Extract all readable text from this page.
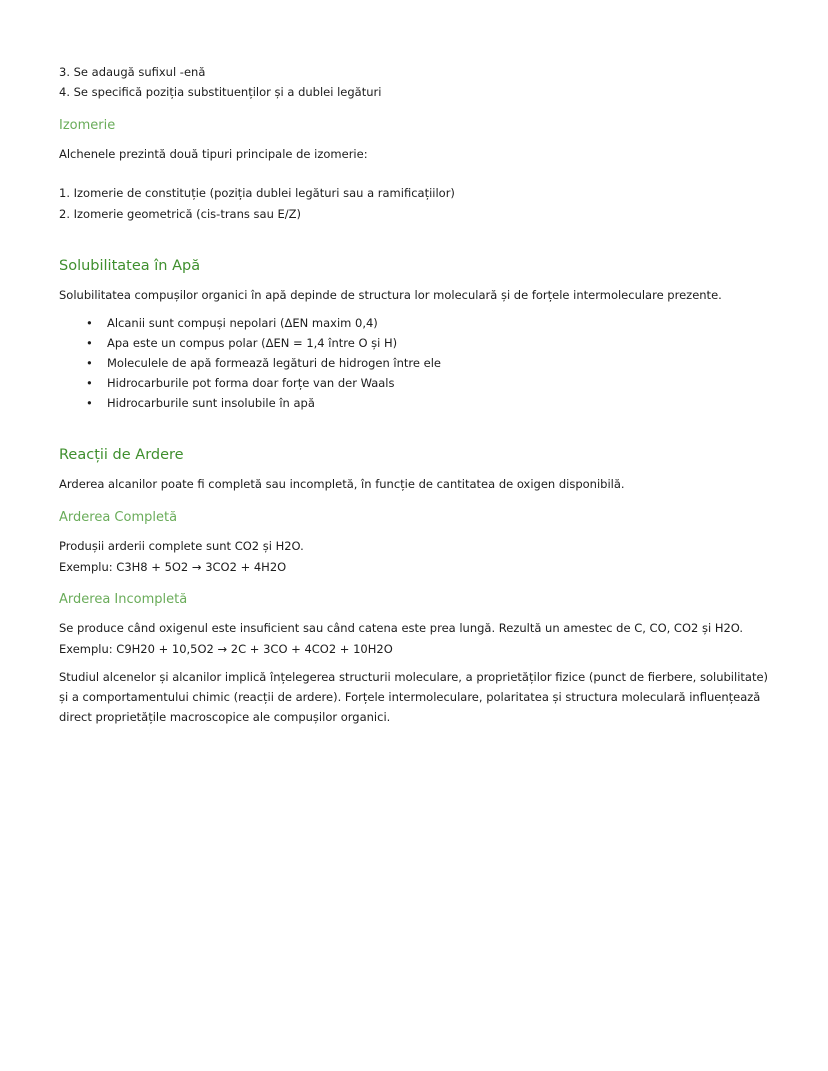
3. Se adaugă sufixul -enă
4. Se specifică poziția substituenților și a dublei legături
Izomerie
Alchenele prezintă două tipuri principale de izomerie:
1. Izomerie de constituție (poziția dublei legături sau a ramificațiilor)
2. Izomerie geometrică (cis-trans sau E/Z)
Solubilitatea în Apă
Solubilitatea compușilor organici în apă depinde de structura lor moleculară și de forțele intermoleculare prezente.
• Alcanii sunt compuși nepolari (ΔEN maxim 0,4)
• Apa este un compus polar (ΔEN = 1,4 între O și H)
• Moleculele de apă formează legături de hidrogen între ele
• Hidrocarburile pot forma doar forțe van der Waals
• Hidrocarburile sunt insolubile în apă
Reacții de Ardere
Arderea alcanilor poate fi completă sau incompletă, în funcție de cantitatea de oxigen disponibilă.
Arderea Completă
Produșii arderii complete sunt CO2 și H2O.
Exemplu: C3H8 + 5O2 → 3CO2 + 4H2O
Arderea Incompletă
Se produce când oxigenul este insuficient sau când catena este prea lungă. Rezultă un amestec de C, CO, CO2 și H2O.
Exemplu: C9H20 + 10,5O2 → 2C + 3CO + 4CO2 + 10H2O
Studiul alcenelor și alcanilor implică înțelegerea structurii moleculare, a proprietăților fizice (punct de fierbere, solubilitate) și a comportamentului chimic (reacții de ardere). Forțele intermoleculare, polaritatea și structura moleculară influențează direct proprietățile macroscopice ale compușilor organici.
